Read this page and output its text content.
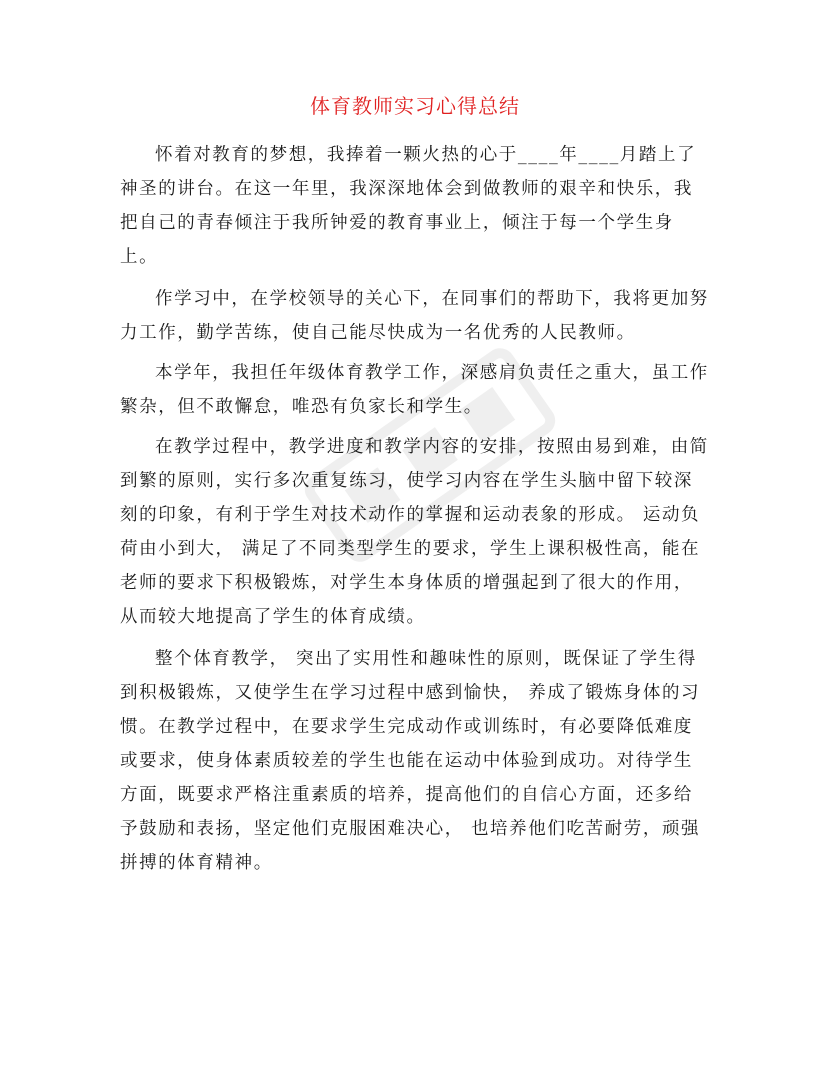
体育教师实习心得总结

怀着对教育的梦想，我捧着一颗火热的心于____年____月踏上了神圣的讲台。在这一年里，我深深地体会到做教师的艰辛和快乐，我把自己的青春倾注于我所钟爱的教育事业上，倾注于每一个学生身上。

作学习中，在学校领导的关心下，在同事们的帮助下，我将更加努力工作，勤学苦练，使自己能尽快成为一名优秀的人民教师。

本学年，我担任年级体育教学工作，深感肩负责任之重大，虽工作繁杂，但不敢懈怠，唯恐有负家长和学生。

在教学过程中，教学进度和教学内容的安排，按照由易到难，由简到繁的原则，实行多次重复练习，使学习内容在学生头脑中留下较深刻的印象，有利于学生对技术动作的掌握和运动表象的形成。 运动负荷由小到大， 满足了不同类型学生的要求，学生上课积极性高，能在老师的要求下积极锻炼，对学生本身体质的增强起到了很大的作用，从而较大地提高了学生的体育成绩。

整个体育教学， 突出了实用性和趣味性的原则，既保证了学生得到积极锻炼，又使学生在学习过程中感到愉快， 养成了锻炼身体的习惯。在教学过程中，在要求学生完成动作或训练时，有必要降低难度或要求，使身体素质较差的学生也能在运动中体验到成功。对待学生方面，既要求严格注重素质的培养，提高他们的自信心方面，还多给予鼓励和表扬，坚定他们克服困难决心， 也培养他们吃苦耐劳，顽强拼搏的体育精神。
